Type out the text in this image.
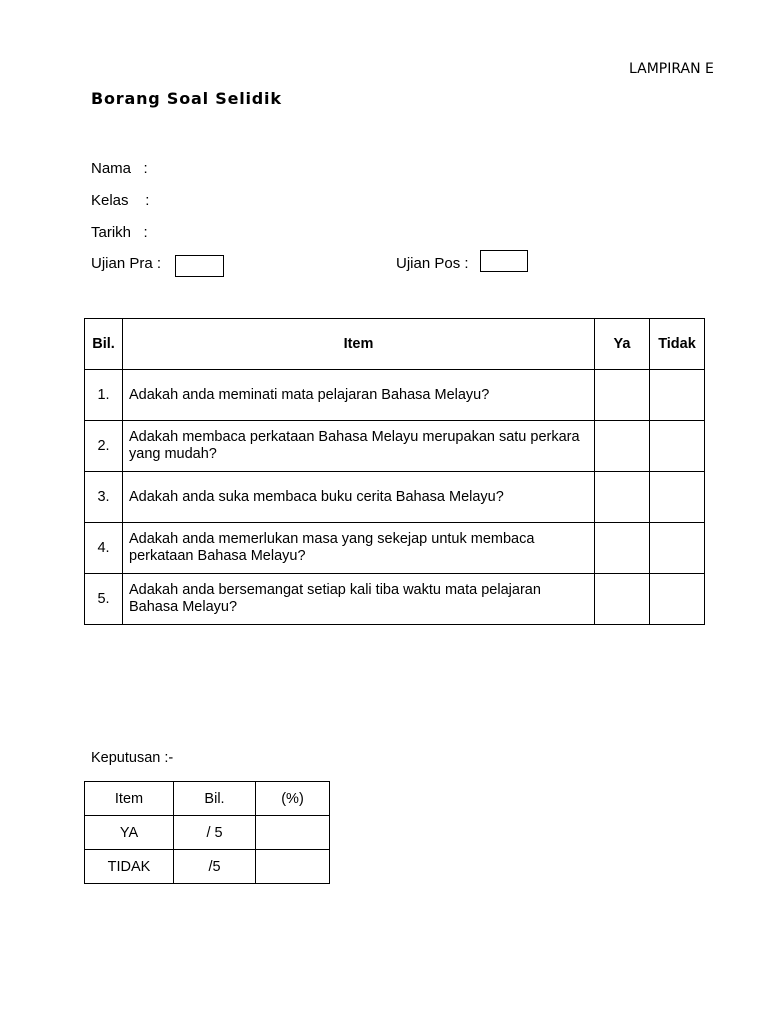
LAMPIRAN E
Borang Soal Selidik
Nama   :
Kelas    :
Tarikh   :
Ujian Pra :	Ujian Pos :
Bil.	Item	Ya	Tidak
1.	Adakah anda meminati mata pelajaran Bahasa Melayu?		
2.	Adakah membaca perkataan Bahasa Melayu merupakan satu perkara yang mudah?		
3.	Adakah anda suka membaca buku cerita Bahasa Melayu?		
4.	Adakah anda memerlukan masa yang sekejap untuk membaca perkataan Bahasa Melayu?		
5.	Adakah anda bersemangat setiap kali tiba waktu mata pelajaran Bahasa Melayu?		
Keputusan :-
Item	Bil.	(%)
YA	/ 5	
TIDAK	/5	
